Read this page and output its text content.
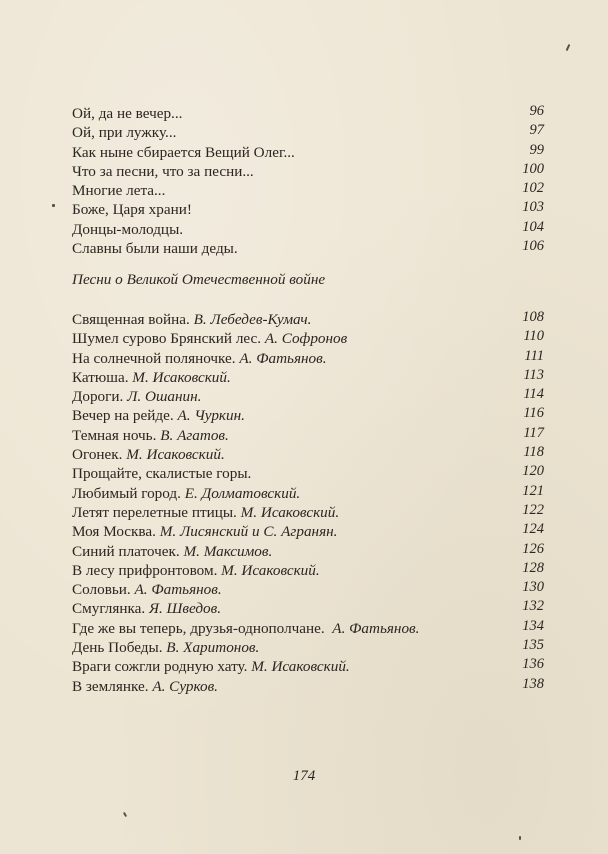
Ой, да не вечер...	96
Ой, при лужку...	97
Как ныне сбирается Вещий Олег...	99
Что за песни, что за песни...	100
Многие лета...	102
Боже, Царя храни!	103
Донцы-молодцы.	104
Славны были наши деды.	106
Песни о Великой Отечественной войне
Священная война. В. Лебедев-Кумач.	108
Шумел сурово Брянский лес. А. Софронов	110
На солнечной поляночке. А. Фатьянов.	111
Катюша. М. Исаковский.	113
Дороги. Л. Ошанин.	114
Вечер на рейде. А. Чуркин.	116
Темная ночь. В. Агатов.	117
Огонек. М. Исаковский.	118
Прощайте, скалистые горы.	120
Любимый город. Е. Долматовский.	121
Летят перелетные птицы. М. Исаковский.	122
Моя Москва. М. Лисянский и С. Агранян.	124
Синий платочек. М. Максимов.	126
В лесу прифронтовом. М. Исаковский.	128
Соловьи. А. Фатьянов.	130
Смуглянка. Я. Шведов.	132
Где же вы теперь, друзья-однополчане. А. Фатьянов.	134
День Победы. В. Харитонов.	135
Враги сожгли родную хату. М. Исаковский.	136
В землянке. А. Сурков.	138
174
